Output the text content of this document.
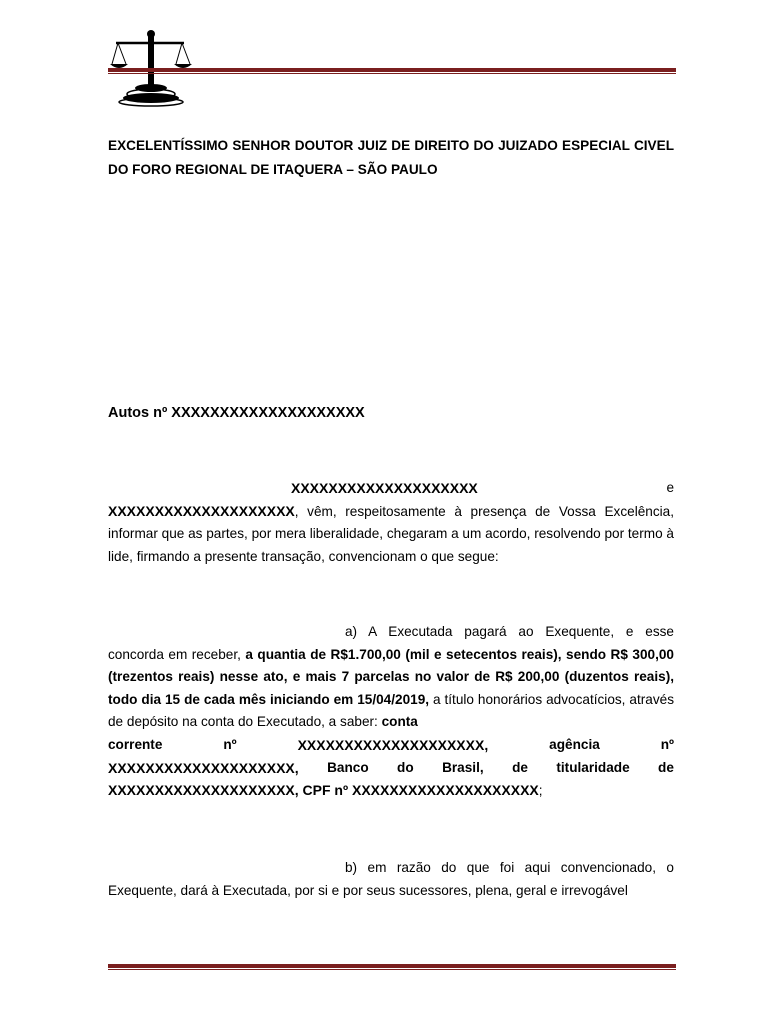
EXCELENTÍSSIMO SENHOR DOUTOR JUIZ DE DIREITO DO JUIZADO ESPECIAL CIVEL DO FORO REGIONAL DE ITAQUERA – SÃO PAULO
Autos nº XXXXXXXXXXXXXXXXXXXX
XXXXXXXXXXXXXXXXXXXX	e
XXXXXXXXXXXXXXXXXXXX, vêm, respeitosamente à presença de Vossa Excelência, informar que as partes, por mera liberalidade, chegaram a um acordo, resolvendo por termo à lide, firmando a presente transação, convencionam o que segue:
a) A Executada pagará ao Exequente, e esse concorda em receber, a quantia de R$1.700,00 (mil e setecentos reais), sendo R$ 300,00 (trezentos reais) nesse ato, e mais 7 parcelas no valor de R$ 200,00 (duzentos reais), todo dia 15 de cada mês iniciando em 15/04/2019, a título honorários advocatícios, através de depósito na conta do Executado, a saber: conta
corrente	nº	XXXXXXXXXXXXXXXXXXXX,	agência	nº
XXXXXXXXXXXXXXXXXXXX, Banco do Brasil, de titularidade de
XXXXXXXXXXXXXXXXXXXX, CPF nº XXXXXXXXXXXXXXXXXXXX;
b) em razão do que foi aqui convencionado, o Exequente, dará à Executada, por si e por seus sucessores, plena, geral e irrevogável
